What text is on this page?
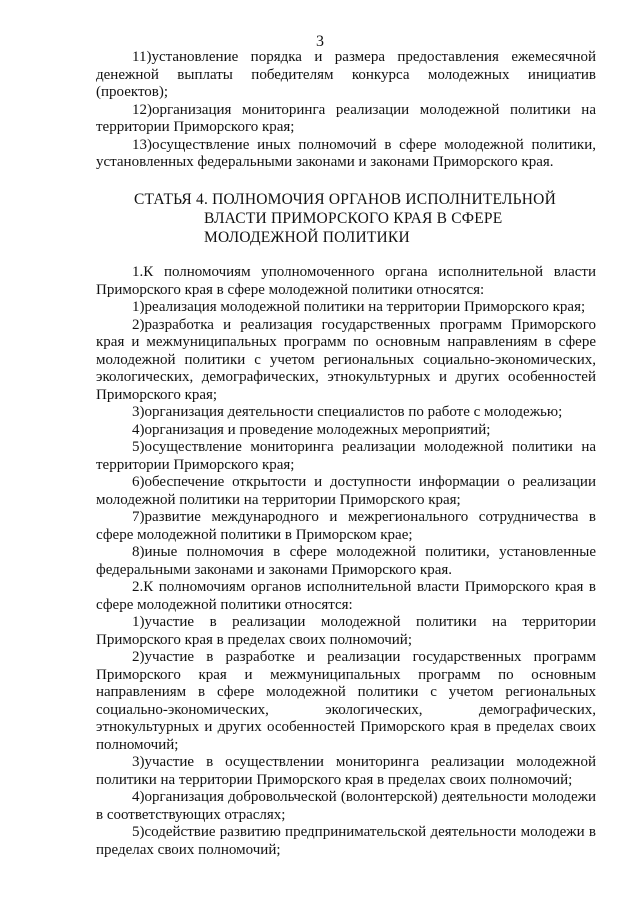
3

11)установление порядка и размера предоставления ежемесячной денежной выплаты победителям конкурса молодежных инициатив (проектов);

12)организация мониторинга реализации молодежной политики на территории Приморского края;

13)осуществление иных полномочий в сфере молодежной политики, установленных федеральными законами и законами Приморского края.

СТАТЬЯ 4. ПОЛНОМОЧИЯ ОРГАНОВ ИСПОЛНИТЕЛЬНОЙ
ВЛАСТИ ПРИМОРСКОГО КРАЯ В СФЕРЕ
МОЛОДЕЖНОЙ ПОЛИТИКИ

1.К полномочиям уполномоченного органа исполнительной власти Приморского края в сфере молодежной политики относятся:

1)реализация молодежной политики на территории Приморского края;

2)разработка и реализация государственных программ Приморского края и межмуниципальных программ по основным направлениям в сфере молодежной политики с учетом региональных социально-экономических, экологических, демографических, этнокультурных и других особенностей Приморского края;

3)организация деятельности специалистов по работе с молодежью;

4)организация и проведение молодежных мероприятий;

5)осуществление мониторинга реализации молодежной политики на территории Приморского края;

6)обеспечение открытости и доступности информации о реализации молодежной политики на территории Приморского края;

7)развитие международного и межрегионального сотрудничества в сфере молодежной политики в Приморском крае;

8)иные полномочия в сфере молодежной политики, установленные федеральными законами и законами Приморского края.

2.К полномочиям органов исполнительной власти Приморского края в сфере молодежной политики относятся:

1)участие в реализации молодежной политики на территории Приморского края в пределах своих полномочий;

2)участие в разработке и реализации государственных программ Приморского края и межмуниципальных программ по основным направлениям в сфере молодежной политики с учетом региональных социально-экономических, экологических, демографических, этнокультурных и других особенностей Приморского края в пределах своих полномочий;

3)участие в осуществлении мониторинга реализации молодежной политики на территории Приморского края в пределах своих полномочий;

4)организация добровольческой (волонтерской) деятельности молодежи в соответствующих отраслях;

5)содействие развитию предпринимательской деятельности молодежи в пределах своих полномочий;
